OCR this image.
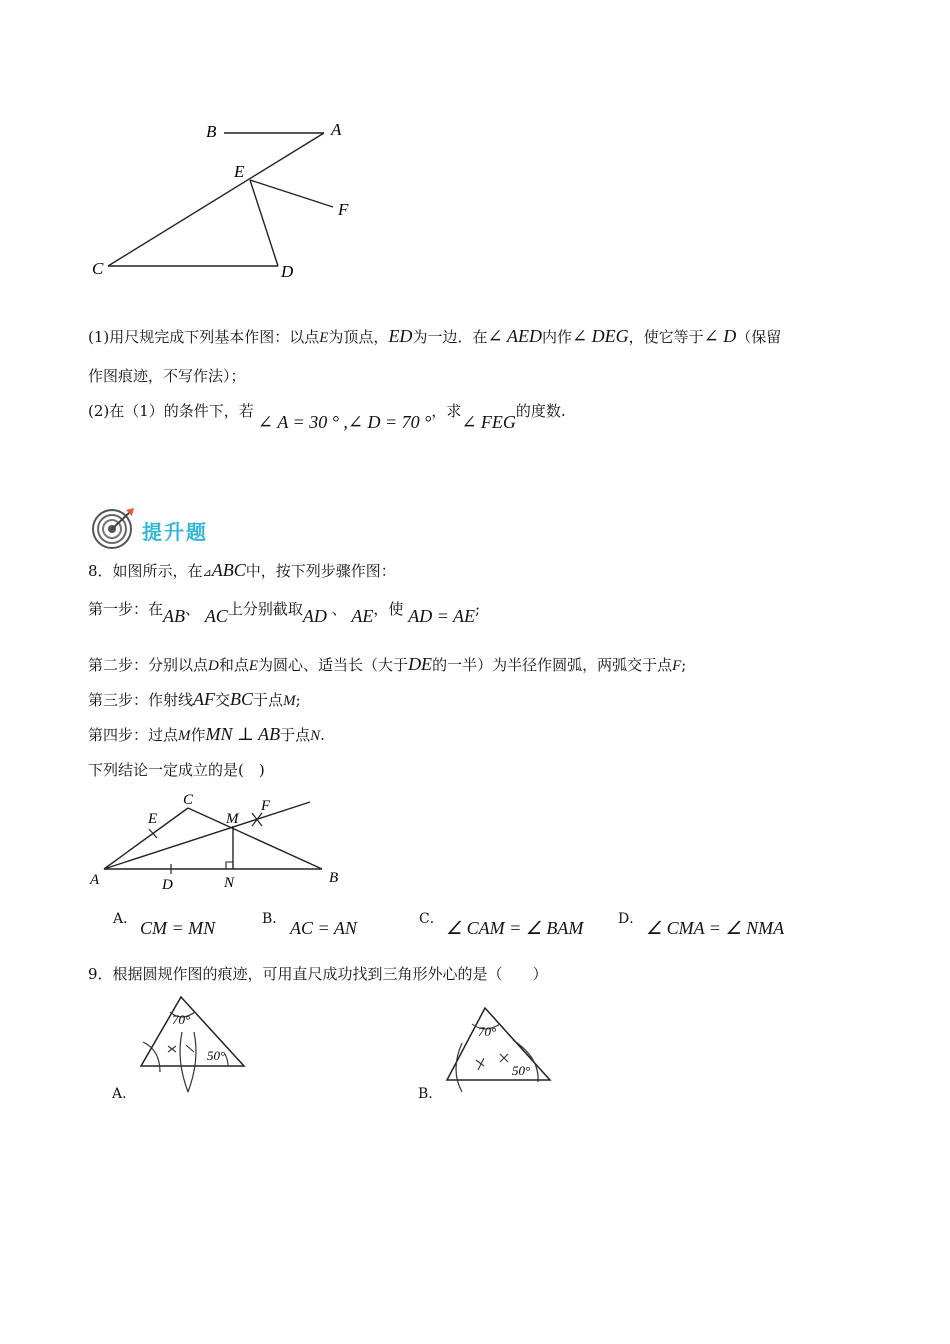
B	A
E
F
C	D
(1)用尺规完成下列基本作图：以点E为顶点，ED为一边．在∠ AED内作∠ DEG，使它等于∠ D（保留
作图痕迹，不写作法）；
(2)在（1）的条件下，若∠ A = 30 ° ,∠ D = 70 °，求∠ FEG的度数.
提升题
8．如图所示，在⊿ABC中，按下列步骤作图：
第一步：在AB、 AC上分别截取AD 、 AE，使 AD = AE;
第二步：分别以点D和点E为圆心、适当长（大于DE的一半）为半径作圆弧，两弧交于点F;
第三步：作射线AF交BC于点M;
第四步：过点M作MN ⊥ AB于点N.
下列结论一定成立的是(　)
A	B
C
D
E
F
M
N
A． CM = MN	B． AC = AN	C． ∠ CAM = ∠ BAM D． ∠ CMA = ∠ NMA
9．根据圆规作图的痕迹，可用直尺成功找到三角形外心的是（　　）
70°
50°
A.
70°
50°
B.
